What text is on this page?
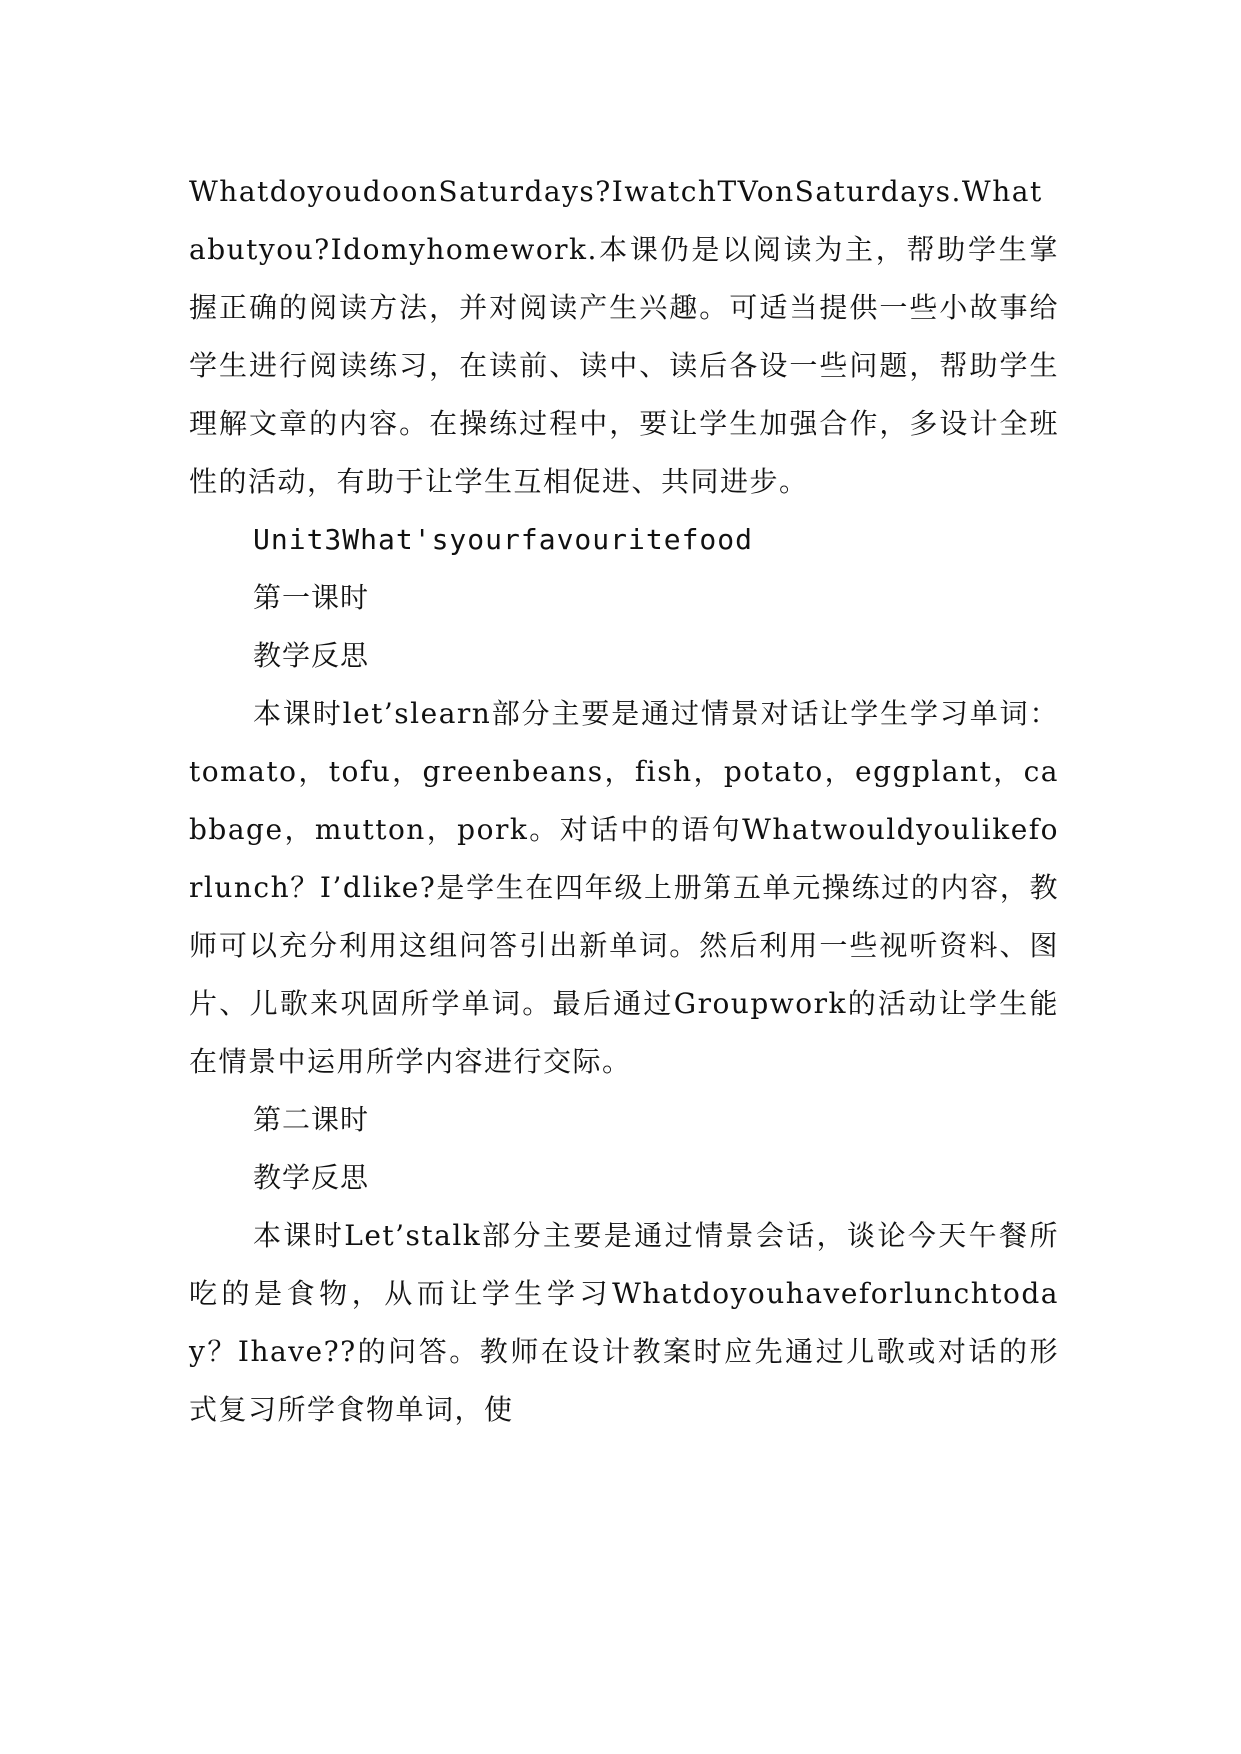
WhatdoyoudoonSaturdays?IwatchTVonSaturdays.Whatabutyou?Idomyhomework.本课仍是以阅读为主，帮助学生掌握正确的阅读方法，并对阅读产生兴趣。可适当提供一些小故事给学生进行阅读练习，在读前、读中、读后各设一些问题，帮助学生理解文章的内容。在操练过程中，要让学生加强合作，多设计全班性的活动，有助于让学生互相促进、共同进步。

Unit3What'syourfavouritefood

第一课时

教学反思

本课时let’slearn部分主要是通过情景对话让学生学习单词：tomato，tofu，greenbeans，fish，potato，eggplant，cabbage，mutton，pork。对话中的语句Whatwouldyoulikeforlunch？I’dlike?是学生在四年级上册第五单元操练过的内容，教师可以充分利用这组问答引出新单词。然后利用一些视听资料、图片、儿歌来巩固所学单词。最后通过Groupwork的活动让学生能在情景中运用所学内容进行交际。

第二课时

教学反思

本课时Let’stalk部分主要是通过情景会话，谈论今天午餐所吃的是食物，从而让学生学习Whatdoyouhaveforlunchtoday？Ihave??的问答。教师在设计教案时应先通过儿歌或对话的形式复习所学食物单词，使
